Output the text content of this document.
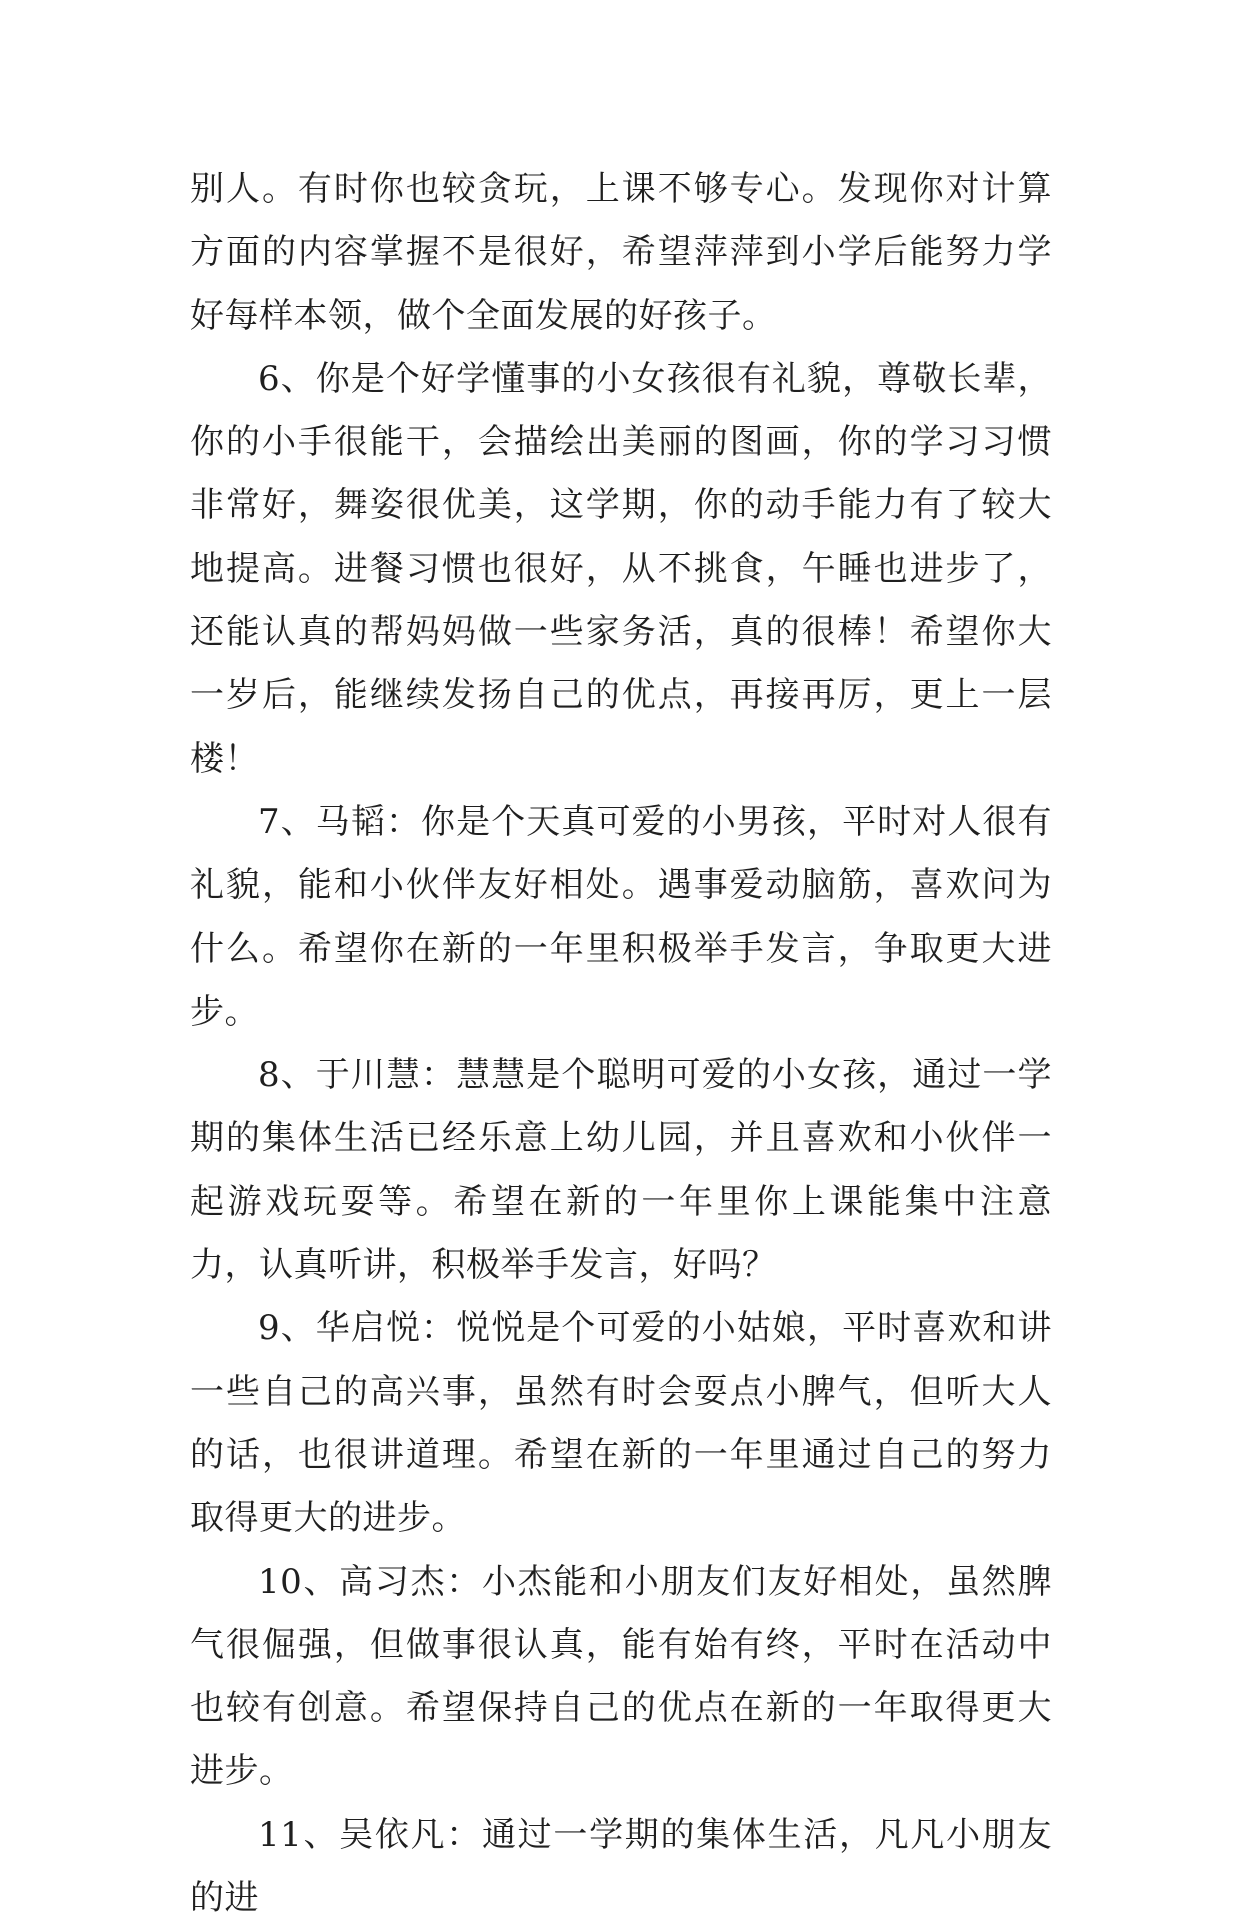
别人。有时你也较贪玩，上课不够专心。发现你对计算方面的内容掌握不是很好，希望萍萍到小学后能努力学好每样本领，做个全面发展的好孩子。

6、你是个好学懂事的小女孩很有礼貌，尊敬长辈，你的小手很能干，会描绘出美丽的图画，你的学习习惯非常好，舞姿很优美，这学期，你的动手能力有了较大地提高。进餐习惯也很好，从不挑食，午睡也进步了，还能认真的帮妈妈做一些家务活，真的很棒！希望你大一岁后，能继续发扬自己的优点，再接再厉，更上一层楼！

7、马韬：你是个天真可爱的小男孩，平时对人很有礼貌，能和小伙伴友好相处。遇事爱动脑筋，喜欢问为什么。希望你在新的一年里积极举手发言，争取更大进步。

8、于川慧：慧慧是个聪明可爱的小女孩，通过一学期的集体生活已经乐意上幼儿园，并且喜欢和小伙伴一起游戏玩耍等。希望在新的一年里你上课能集中注意力，认真听讲，积极举手发言，好吗？

9、华启悦：悦悦是个可爱的小姑娘，平时喜欢和讲一些自己的高兴事，虽然有时会耍点小脾气，但听大人的话，也很讲道理。希望在新的一年里通过自己的努力取得更大的进步。

10、高习杰：小杰能和小朋友们友好相处，虽然脾气很倔强，但做事很认真，能有始有终，平时在活动中也较有创意。希望保持自己的优点在新的一年取得更大进步。

11、吴依凡：通过一学期的集体生活，凡凡小朋友的进
